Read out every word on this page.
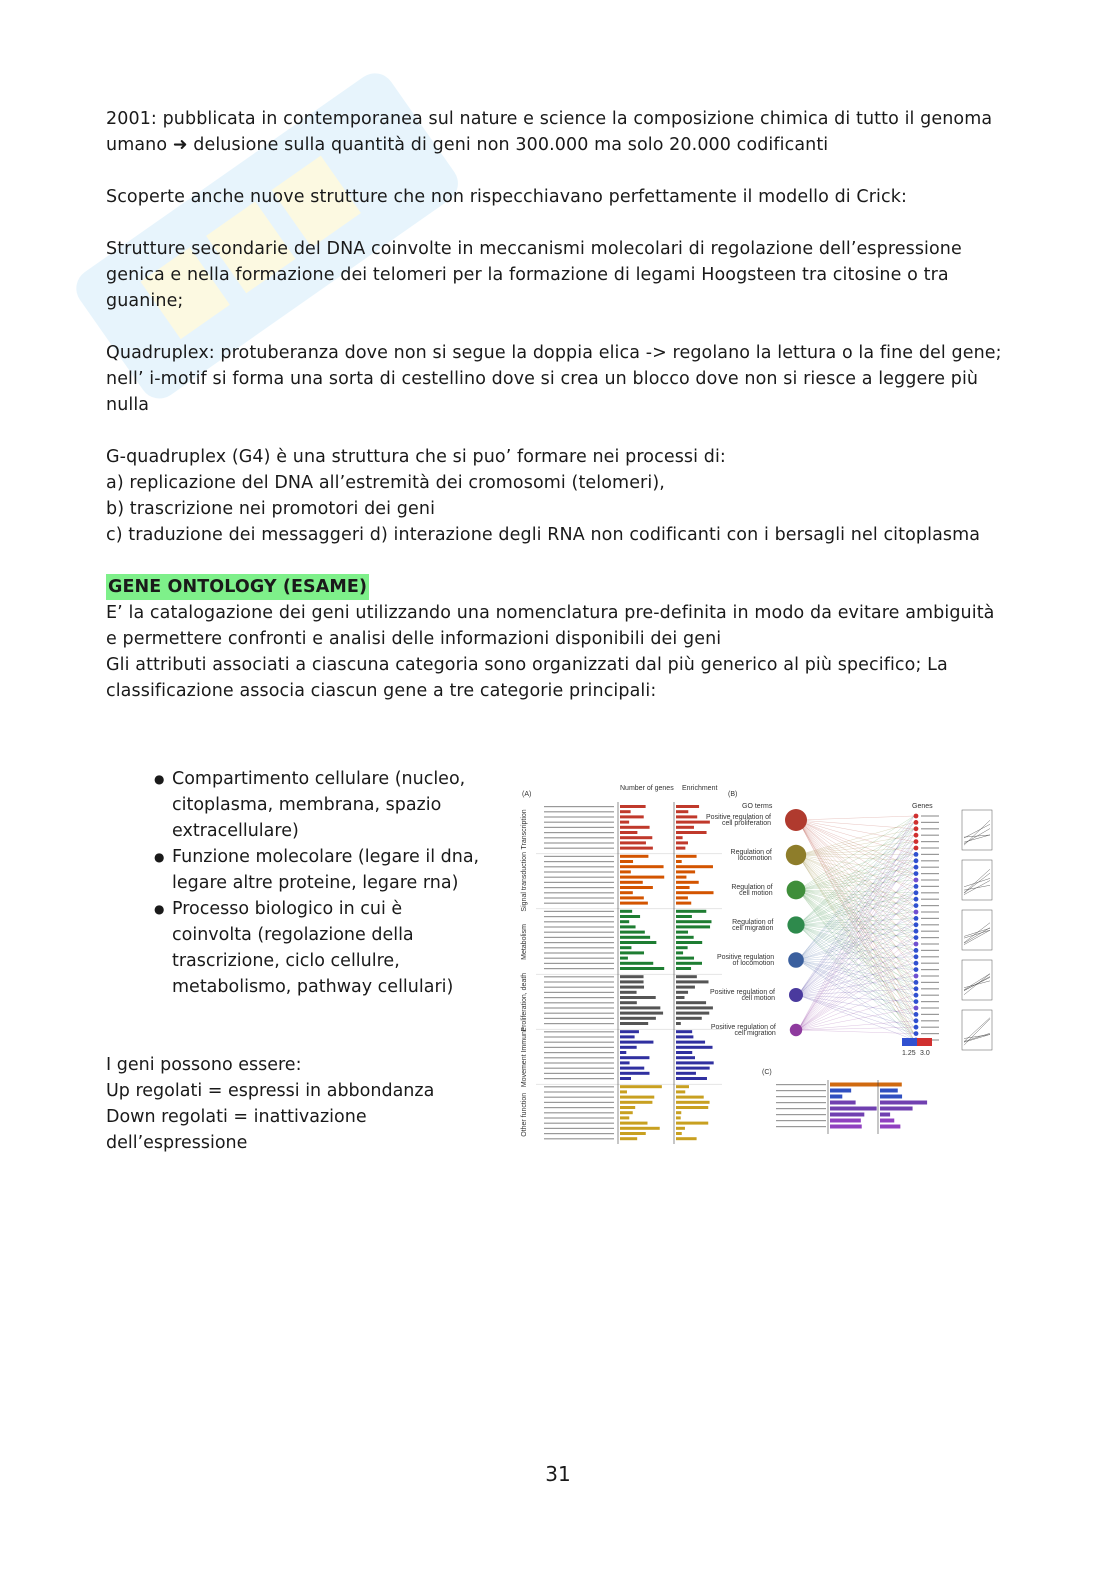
2001: pubblicata in contemporanea sul nature e science la composizione chimica di tutto il genoma umano ➜ delusione sulla quantità di geni non 300.000 ma solo 20.000 codificanti

Scoperte anche nuove strutture che non rispecchiavano perfettamente il modello di Crick:

Strutture secondarie del DNA coinvolte in meccanismi molecolari di regolazione dell’espressione genica e nella formazione dei telomeri per la formazione di legami Hoogsteen tra citosine o tra guanine;

Quadruplex: protuberanza dove non si segue la doppia elica -> regolano la lettura o la fine del gene; nell’ i-motif si forma una sorta di cestellino dove si crea un blocco dove non si riesce a leggere più nulla

G-quadruplex (G4) è una struttura che si puo’ formare nei processi di:

a) replicazione del DNA all’estremità dei cromosomi (telomeri),

b) trascrizione nei promotori dei geni

c) traduzione dei messaggeri d) interazione degli RNA non codificanti con i bersagli nel citoplasma

GENE ONTOLOGY (ESAME)

E’ la catalogazione dei geni utilizzando una nomenclatura pre-definita in modo da evitare ambiguità e permettere confronti e analisi delle informazioni disponibili dei geni

Gli attributi associati a ciascuna categoria sono organizzati dal più generico al più specifico; La classificazione associa ciascun gene a tre categorie principali:

● Compartimento cellulare (nucleo, citoplasma, membrana, spazio extracellulare)
● Funzione molecolare (legare il dna, legare altre proteine, legare rna)
● Processo biologico in cui è coinvolta (regolazione della trascrizione, ciclo cellulre, metabolismo, pathway cellulari)

I geni possono essere:

Up regolati = espressi in abbondanza

Down regolati = inattivazione dell’espressione

(A)
Number of genes Enrichment
Transcription
Signal transduction
Metabolism
Proliferation, death
Movement Immune
Other function
(B)
GO terms	Genes
Positive regulation of
cell proliferation
Regulation of
locomotion
Regulation of
cell motion
Regulation of
cell migration
Positive regulation
of locomotion
Positive regulation of
cell motion
Positive regulation of
cell migration
1.25 3.0
(C)
31
